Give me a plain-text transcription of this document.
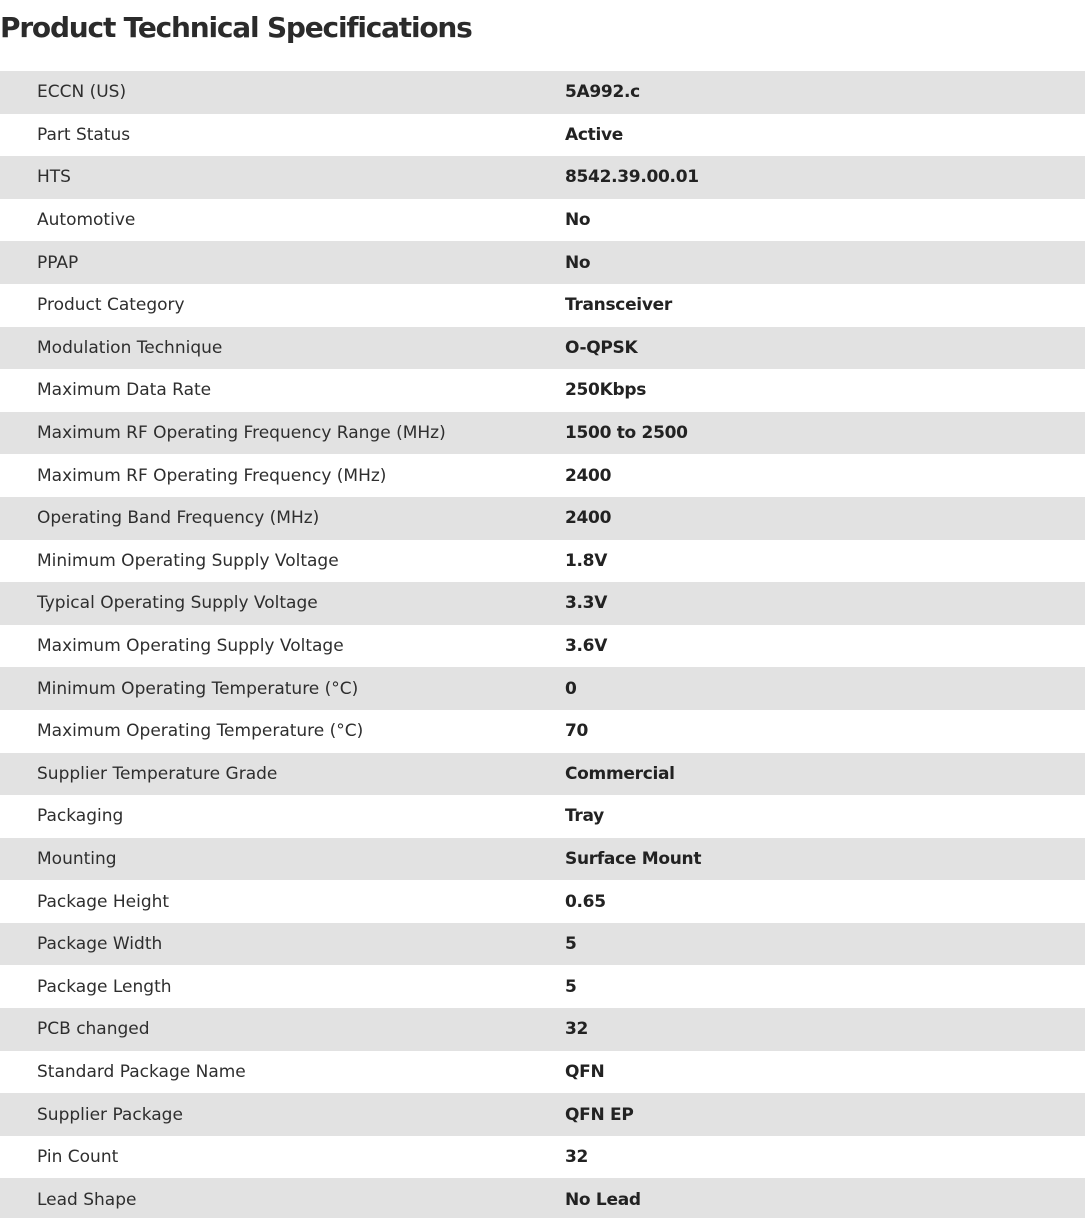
Product Technical Specifications
ECCN (US)	5A992.c
Part Status	Active
HTS	8542.39.00.01
Automotive	No
PPAP	No
Product Category	Transceiver
Modulation Technique	O-QPSK
Maximum Data Rate	250Kbps
Maximum RF Operating Frequency Range (MHz)	1500 to 2500
Maximum RF Operating Frequency (MHz)	2400
Operating Band Frequency (MHz)	2400
Minimum Operating Supply Voltage	1.8V
Typical Operating Supply Voltage	3.3V
Maximum Operating Supply Voltage	3.6V
Minimum Operating Temperature (°C)	0
Maximum Operating Temperature (°C)	70
Supplier Temperature Grade	Commercial
Packaging	Tray
Mounting	Surface Mount
Package Height	0.65
Package Width	5
Package Length	5
PCB changed	32
Standard Package Name	QFN
Supplier Package	QFN EP
Pin Count	32
Lead Shape	No Lead
